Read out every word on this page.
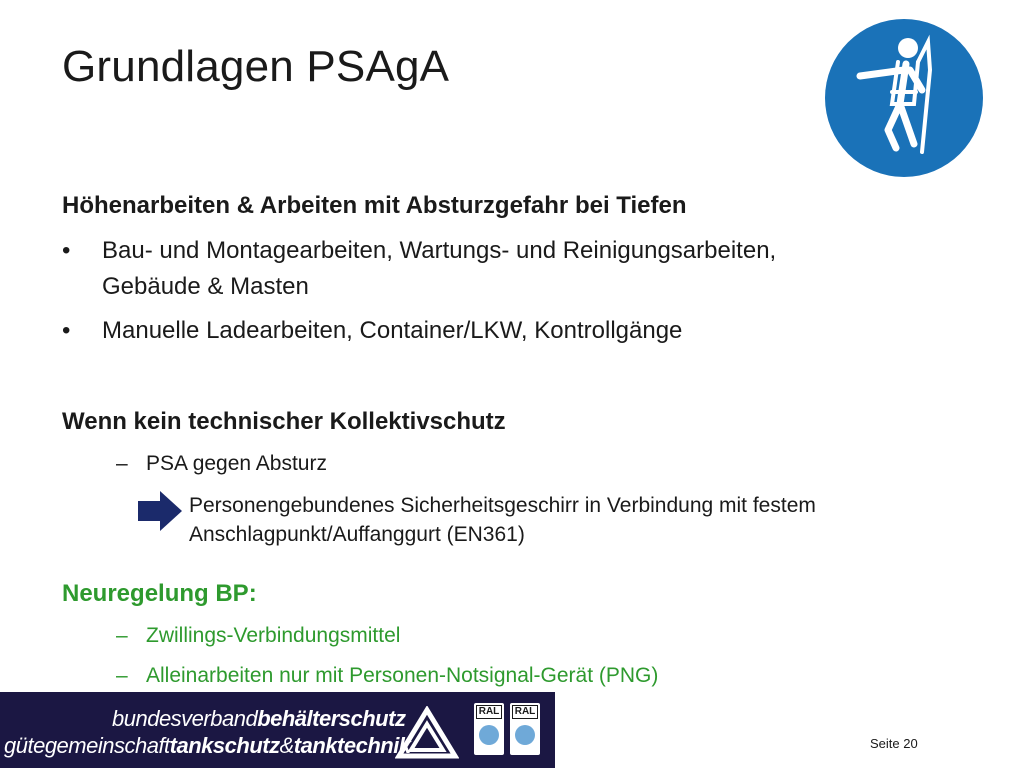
Grundlagen PSAgA
Höhenarbeiten & Arbeiten mit Absturzgefahr bei Tiefen
• Bau- und Montagearbeiten, Wartungs- und Reinigungsarbeiten, Gebäude & Masten
• Manuelle Ladearbeiten, Container/LKW, Kontrollgänge
Wenn kein technischer Kollektivschutz
– PSA gegen Absturz
Personengebundenes Sicherheitsgeschirr in Verbindung mit festem Anschlagpunkt/Auffanggurt (EN361)
Neuregelung BP:
– Zwillings-Verbindungsmittel
– Alleinarbeiten nur mit Personen-Notsignal-Gerät (PNG)
bundesverbandbehälterschutz
gütegemeinschafttankschutz&tanktechnik
RAL RAL
Seite 20
